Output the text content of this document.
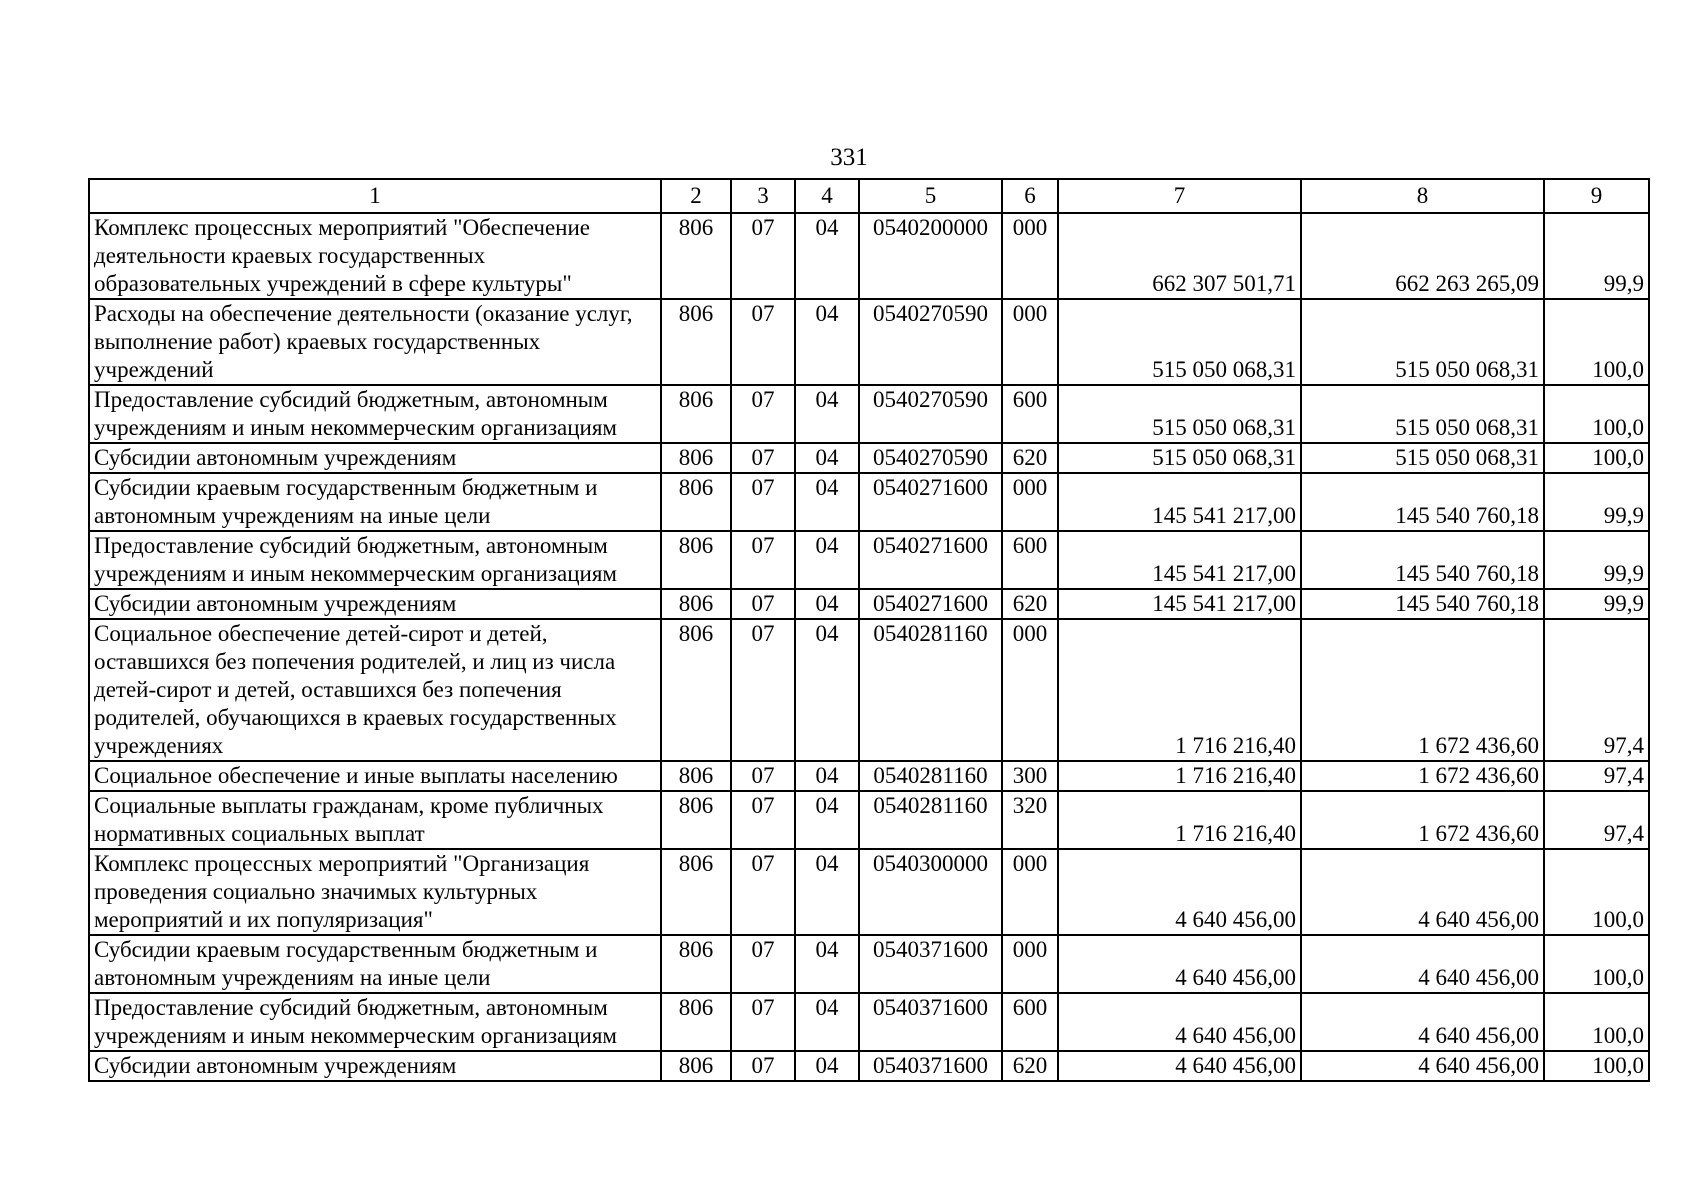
331
1	2	3	4	5	6	7	8	9
Комплекс процессных мероприятий "Обеспечение деятельности краевых государственных образовательных учреждений в сфере культуры"	806	07	04	0540200000	000	662 307 501,71	662 263 265,09	99,9
Расходы на обеспечение деятельности (оказание услуг, выполнение работ) краевых государственных учреждений	806	07	04	0540270590	000	515 050 068,31	515 050 068,31	100,0
Предоставление субсидий бюджетным, автономным учреждениям и иным некоммерческим организациям	806	07	04	0540270590	600	515 050 068,31	515 050 068,31	100,0
Субсидии автономным учреждениям	806	07	04	0540270590	620	515 050 068,31	515 050 068,31	100,0
Субсидии краевым государственным бюджетным и автономным учреждениям на иные цели	806	07	04	0540271600	000	145 541 217,00	145 540 760,18	99,9
Предоставление субсидий бюджетным, автономным учреждениям и иным некоммерческим организациям	806	07	04	0540271600	600	145 541 217,00	145 540 760,18	99,9
Субсидии автономным учреждениям	806	07	04	0540271600	620	145 541 217,00	145 540 760,18	99,9
Социальное обеспечение детей-сирот и детей, оставшихся без попечения родителей, и лиц из числа детей-сирот и детей, оставшихся без попечения родителей, обучающихся в краевых государственных учреждениях	806	07	04	0540281160	000	1 716 216,40	1 672 436,60	97,4
Социальное обеспечение и иные выплаты населению	806	07	04	0540281160	300	1 716 216,40	1 672 436,60	97,4
Социальные выплаты гражданам, кроме публичных нормативных социальных выплат	806	07	04	0540281160	320	1 716 216,40	1 672 436,60	97,4
Комплекс процессных мероприятий "Организация проведения социально значимых культурных мероприятий и их популяризация"	806	07	04	0540300000	000	4 640 456,00	4 640 456,00	100,0
Субсидии краевым государственным бюджетным и автономным учреждениям на иные цели	806	07	04	0540371600	000	4 640 456,00	4 640 456,00	100,0
Предоставление субсидий бюджетным, автономным учреждениям и иным некоммерческим организациям	806	07	04	0540371600	600	4 640 456,00	4 640 456,00	100,0
Субсидии автономным учреждениям	806	07	04	0540371600	620	4 640 456,00	4 640 456,00	100,0
